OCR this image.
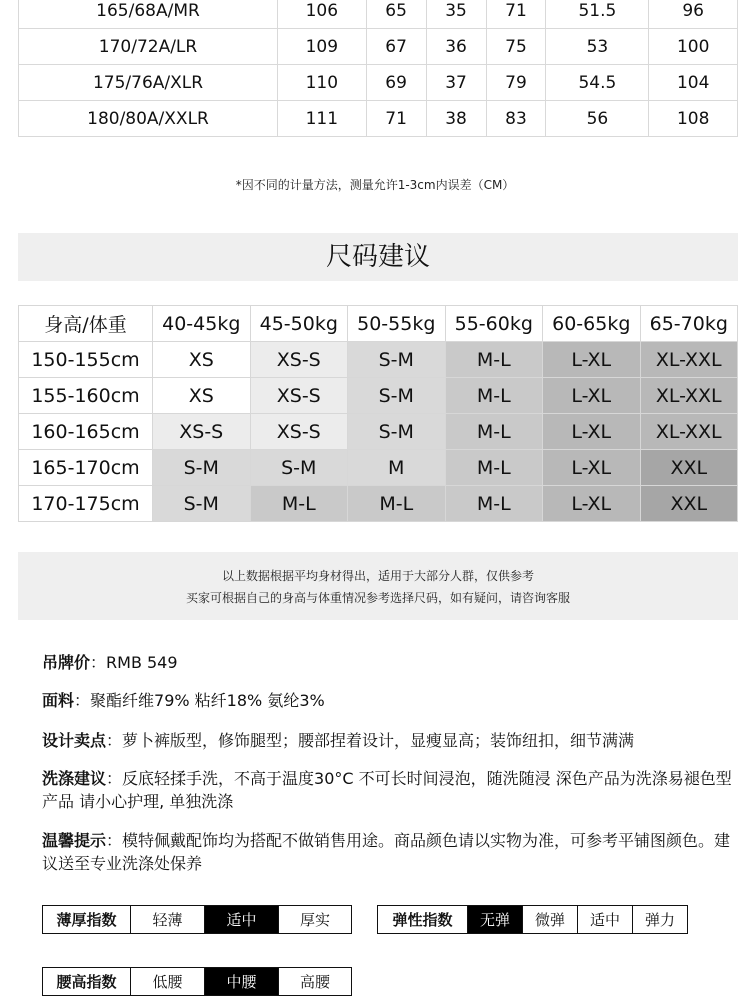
165/68A/MR	106	65	35	71	51.5	96
170/72A/LR	109	67	36	75	53	100
175/76A/XLR	110	69	37	79	54.5	104
180/80A/XXLR	111	71	38	83	56	108
*因不同的计量方法，测量允许1-3cm内误差（CM）
尺码建议
身高/体重	40-45kg	45-50kg	50-55kg	55-60kg	60-65kg	65-70kg
150-155cm	XS	XS-S	S-M	M-L	L-XL	XL-XXL
155-160cm	XS	XS-S	S-M	M-L	L-XL	XL-XXL
160-165cm	XS-S	XS-S	S-M	M-L	L-XL	XL-XXL
165-170cm	S-M	S-M	M	M-L	L-XL	XXL
170-175cm	S-M	M-L	M-L	M-L	L-XL	XXL
以上数据根据平均身材得出，适用于大部分人群，仅供参考
买家可根据自己的身高与体重情况参考选择尺码，如有疑问，请咨询客服
吊牌价：RMB 549
面料：聚酯纤维79% 粘纤18% 氨纶3%
设计卖点：萝卜裤版型，修饰腿型；腰部捏着设计，显瘦显高；装饰纽扣，细节满满
洗涤建议：反底轻揉手洗，不高于温度30°C 不可长时间浸泡，随洗随浸 深色产品为洗涤易褪色型产品 请小心护理, 单独洗涤
温馨提示：模特佩戴配饰均为搭配不做销售用途。商品颜色请以实物为准，可参考平铺图颜色。建议送至专业洗涤处保养
薄厚指数	轻薄	适中	厚实	弹性指数	无弹	微弹	适中	弹力
腰高指数	低腰	中腰	高腰
